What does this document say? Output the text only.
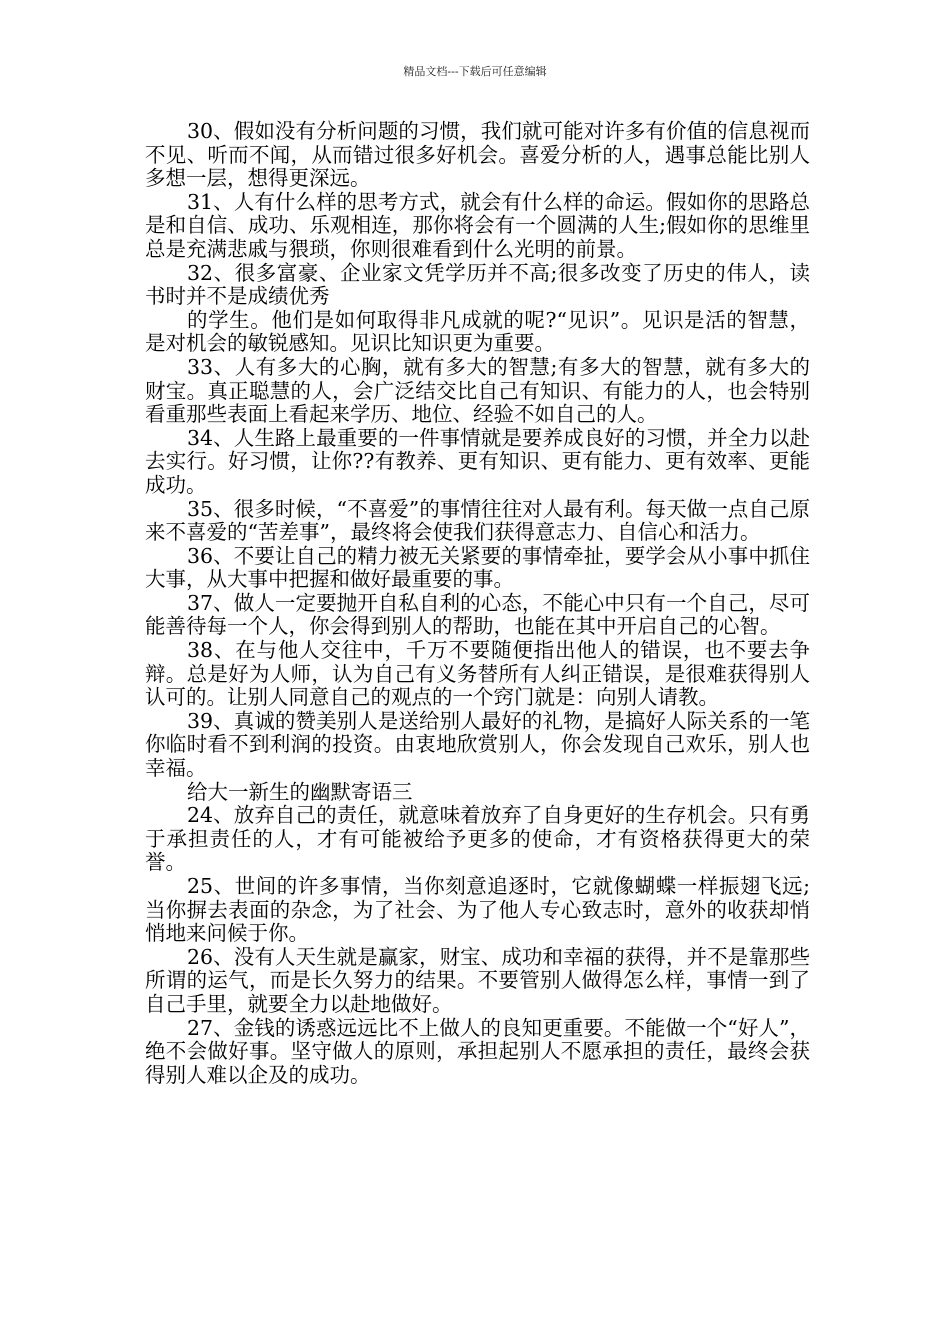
精品文档---下载后可任意编辑

30、假如没有分析问题的习惯，我们就可能对许多有价值的信息视而不见、听而不闻，从而错过很多好机会。喜爱分析的人，遇事总能比别人多想一层，想得更深远。

31、人有什么样的思考方式，就会有什么样的命运。假如你的思路总是和自信、成功、乐观相连，那你将会有一个圆满的人生;假如你的思维里总是充满悲戚与猥琐，你则很难看到什么光明的前景。

32、很多富豪、企业家文凭学历并不高;很多改变了历史的伟人，读书时并不是成绩优秀

的学生。他们是如何取得非凡成就的呢?“见识”。见识是活的智慧，是对机会的敏锐感知。见识比知识更为重要。

33、人有多大的心胸，就有多大的智慧;有多大的智慧，就有多大的财宝。真正聪慧的人，会广泛结交比自己有知识、有能力的人，也会特别看重那些表面上看起来学历、地位、经验不如自己的人。

34、人生路上最重要的一件事情就是要养成良好的习惯，并全力以赴去实行。好习惯，让你??有教养、更有知识、更有能力、更有效率、更能成功。

35、很多时候，“不喜爱”的事情往往对人最有利。每天做一点自己原来不喜爱的“苦差事”，最终将会使我们获得意志力、自信心和活力。

36、不要让自己的精力被无关紧要的事情牵扯，要学会从小事中抓住大事，从大事中把握和做好最重要的事。

37、做人一定要抛开自私自利的心态，不能心中只有一个自己，尽可能善待每一个人，你会得到别人的帮助，也能在其中开启自己的心智。

38、在与他人交往中，千万不要随便指出他人的错误，也不要去争辩。总是好为人师，认为自己有义务替所有人纠正错误，是很难获得别人认可的。让别人同意自己的观点的一个窍门就是：向别人请教。

39、真诚的赞美别人是送给别人最好的礼物，是搞好人际关系的一笔你临时看不到利润的投资。由衷地欣赏别人，你会发现自己欢乐，别人也幸福。

给大一新生的幽默寄语三

24、放弃自己的责任，就意味着放弃了自身更好的生存机会。只有勇于承担责任的人，才有可能被给予更多的使命，才有资格获得更大的荣誉。

25、世间的许多事情，当你刻意追逐时，它就像蝴蝶一样振翅飞远;当你摒去表面的杂念，为了社会、为了他人专心致志时，意外的收获却悄悄地来问候于你。

26、没有人天生就是赢家，财宝、成功和幸福的获得，并不是靠那些所谓的运气，而是长久努力的结果。不要管别人做得怎么样，事情一到了自己手里，就要全力以赴地做好。

27、金钱的诱惑远远比不上做人的良知更重要。不能做一个“好人”，绝不会做好事。坚守做人的原则，承担起别人不愿承担的责任，最终会获得别人难以企及的成功。
